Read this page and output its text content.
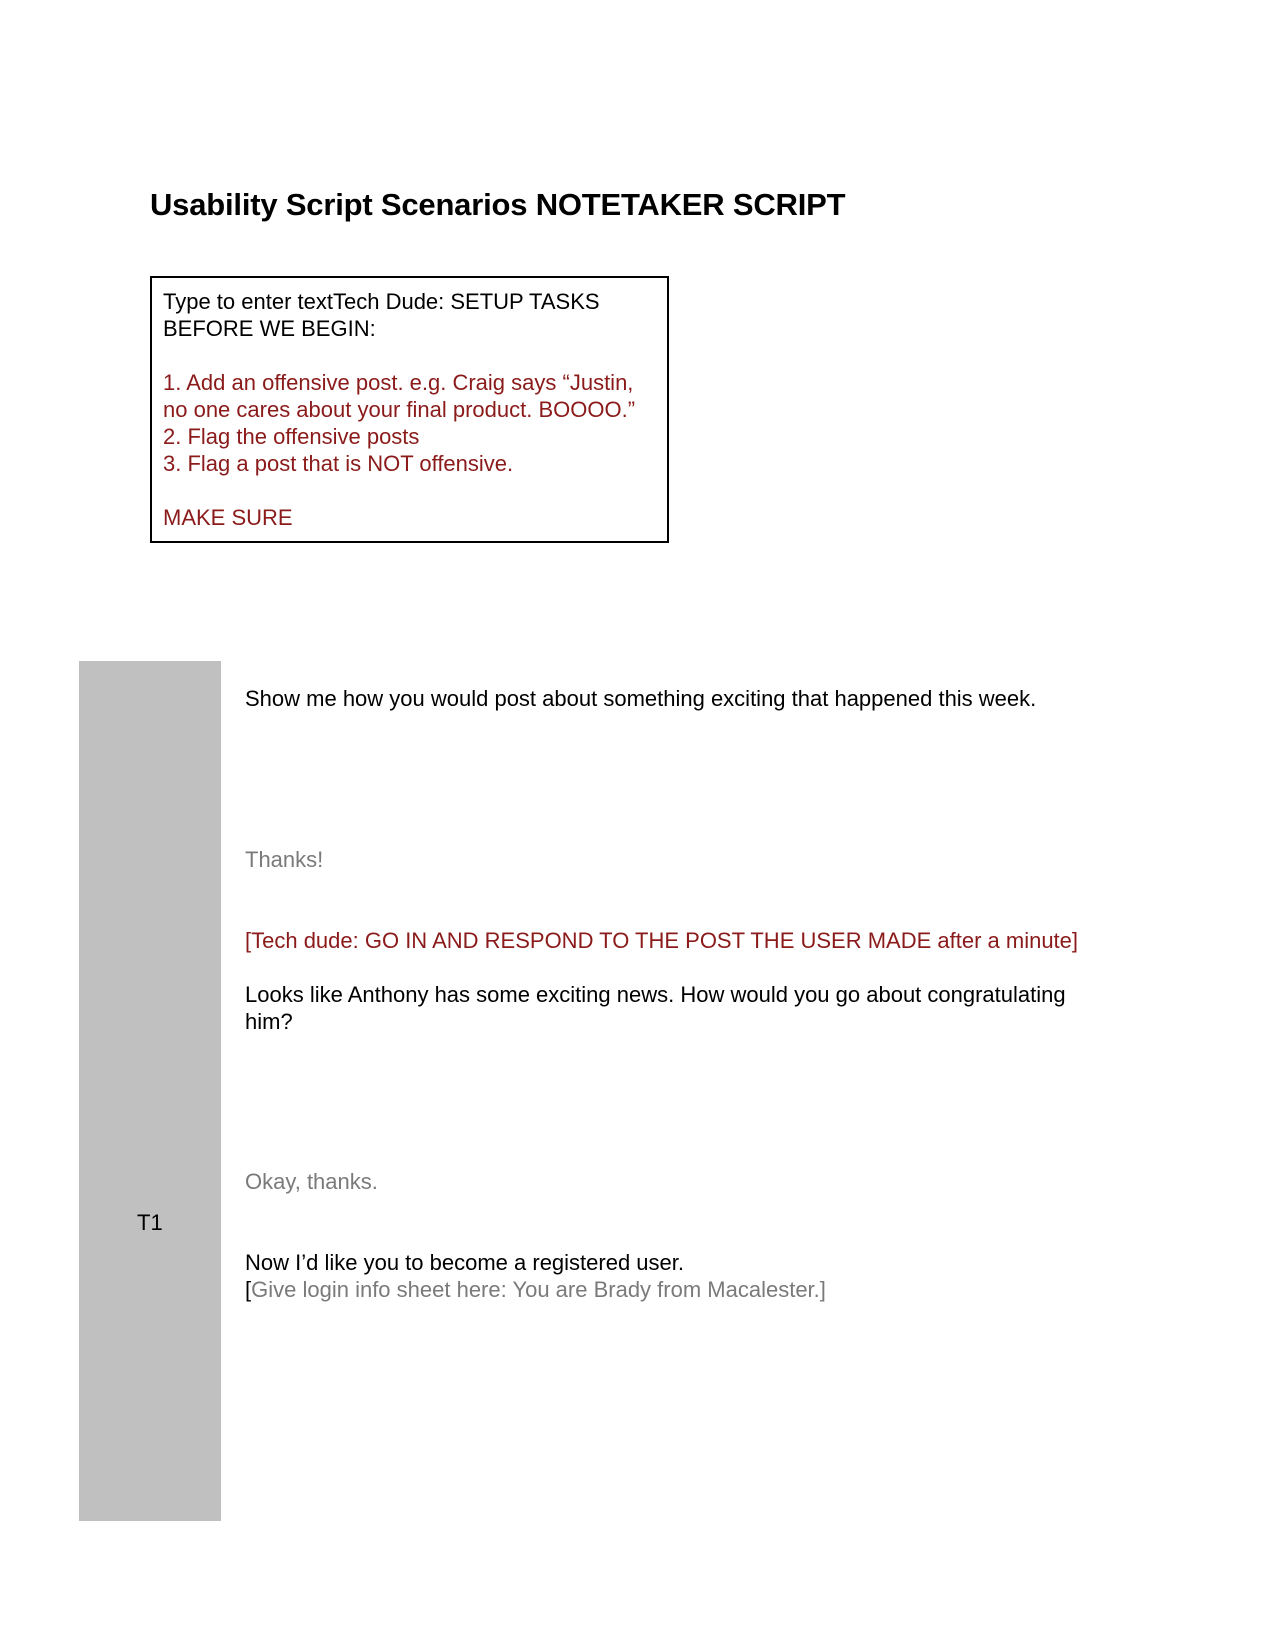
Usability Script Scenarios NOTETAKER SCRIPT
Type to enter textTech Dude: SETUP TASKS
BEFORE WE BEGIN:
1. Add an offensive post. e.g. Craig says “Justin,
no one cares about your final product. BOOOO.”
2. Flag the offensive posts
3. Flag a post that is NOT offensive.
MAKE SURE
T1

Show me how you would post about something exciting that happened this week.

Thanks!

[Tech dude: GO IN AND RESPOND TO THE POST THE USER MADE after a minute]

Looks like Anthony has some exciting news. How would you go about congratulating him?

Okay, thanks.

Now I’d like you to become a registered user.

[Give login info sheet here: You are Brady from Macalester.]
